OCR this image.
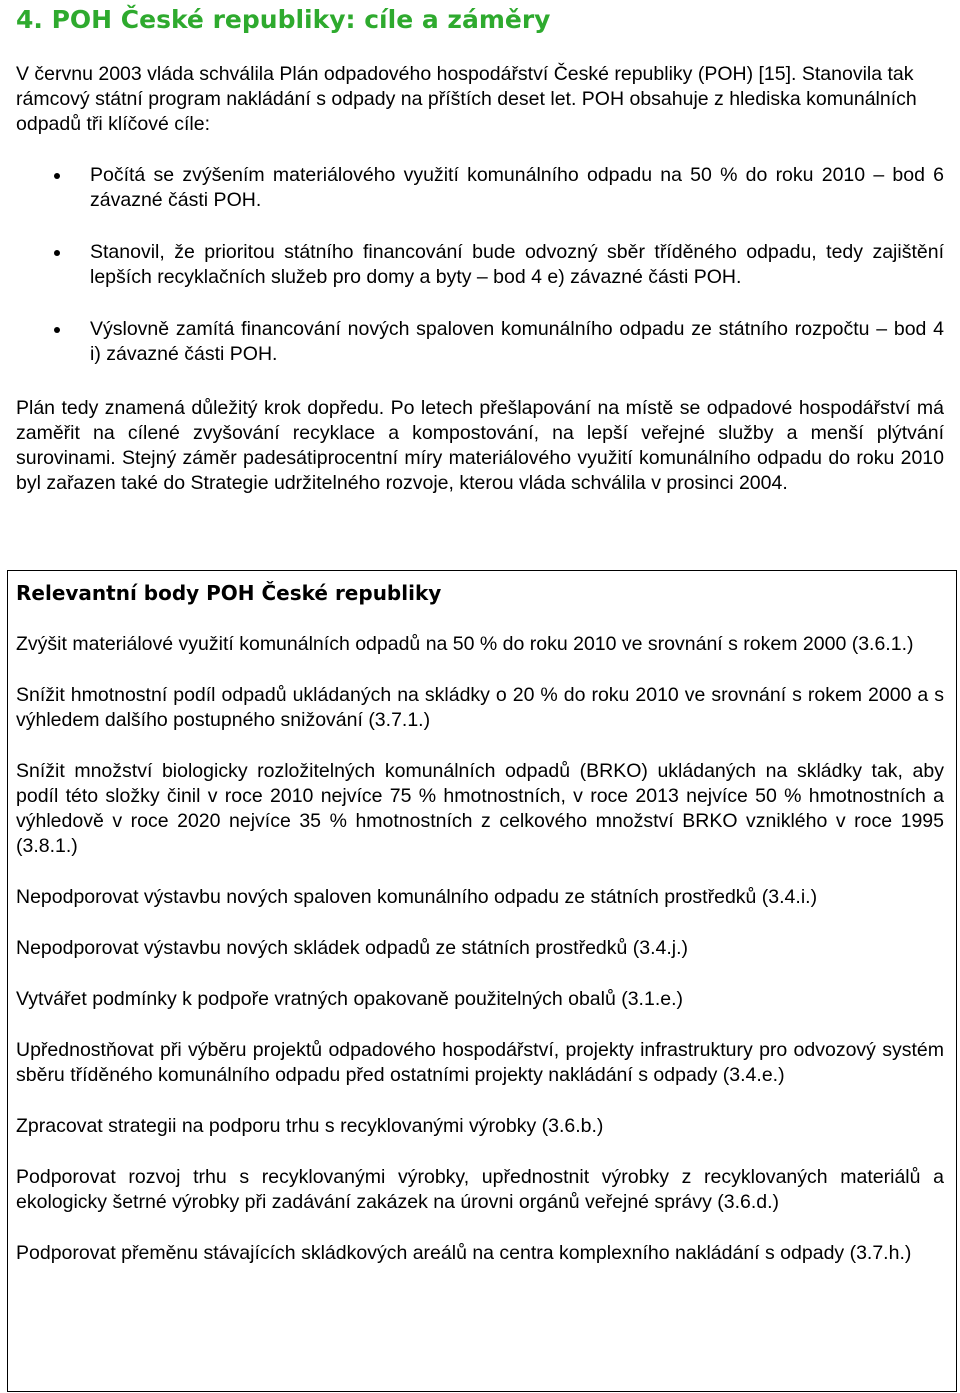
4. POH České republiky: cíle a záměry

V červnu 2003 vláda schválila Plán odpadového hospodářství České republiky (POH) [15]. Stanovila tak rámcový státní program nakládání s odpady na příštích deset let. POH obsahuje z hlediska komunálních odpadů tři klíčové cíle:

Počítá se zvýšením materiálového využití komunálního odpadu na 50 % do roku 2010 – bod 6 závazné části POH.
Stanovil, že prioritou státního financování bude odvozný sběr tříděného odpadu, tedy zajištění lepších recyklačních služeb pro domy a byty – bod 4 e) závazné části POH.
Výslovně zamítá financování nových spaloven komunálního odpadu ze státního rozpočtu – bod 4 i) závazné části POH.

Plán tedy znamená důležitý krok dopředu. Po letech přešlapování na místě se odpadové hospodářství má zaměřit na cílené zvyšování recyklace a kompostování, na lepší veřejné služby a menší plýtvání surovinami. Stejný záměr padesátiprocentní míry materiálového využití komunálního odpadu do roku 2010 byl zařazen také do Strategie udržitelného rozvoje, kterou vláda schválila v prosinci 2004.

Relevantní body POH České republiky
Zvýšit materiálové využití komunálních odpadů na 50 % do roku 2010 ve srovnání s rokem 2000 (3.6.1.)
Snížit hmotnostní podíl odpadů ukládaných na skládky o 20 % do roku 2010 ve srovnání s rokem 2000 a s výhledem dalšího postupného snižování (3.7.1.)
Snížit množství biologicky rozložitelných komunálních odpadů (BRKO) ukládaných na skládky tak, aby podíl této složky činil v roce 2010 nejvíce 75 % hmotnostních, v roce 2013 nejvíce 50 % hmotnostních a výhledově v roce 2020 nejvíce 35 % hmotnostních z celkového množství BRKO vzniklého v roce 1995 (3.8.1.)
Nepodporovat výstavbu nových spaloven komunálního odpadu ze státních prostředků (3.4.i.)
Nepodporovat výstavbu nových skládek odpadů ze státních prostředků (3.4.j.)
Vytvářet podmínky k podpoře vratných opakovaně použitelných obalů (3.1.e.)
Upřednostňovat při výběru projektů odpadového hospodářství, projekty infrastruktury pro odvozový systém sběru tříděného komunálního odpadu před ostatními projekty nakládání s odpady (3.4.e.)
Zpracovat strategii na podporu trhu s recyklovanými výrobky (3.6.b.)
Podporovat rozvoj trhu s recyklovanými výrobky, upřednostnit výrobky z recyklovaných materiálů a ekologicky šetrné výrobky při zadávání zakázek na úrovni orgánů veřejné správy (3.6.d.)
Podporovat přeměnu stávajících skládkových areálů na centra komplexního nakládání s odpady (3.7.h.)
